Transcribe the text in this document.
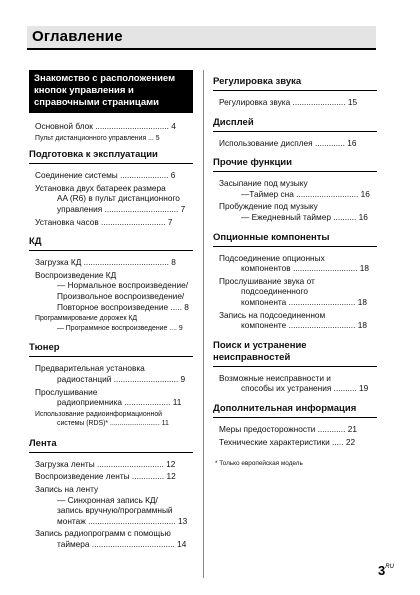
Оглавление
Знакомство с расположением кнопок управления и справочными страницами
Основной блок ................................ 4
Пульт дистанционного управления ... 5
Подготовка к эксплуатации
Соединение системы ..................... 6
Установка двух батареек размера
AA (R6) в пульт дистанционного
управления ................................ 7
Установка часов ............................ 7
КД
Загрузка КД ..................................... 8
Воспроизведение КД
— Нормальное воспроизведение/
Произвольное воспроизведение/
Повторное воспроизведение ..... 8
Программирование дорожек КД
— Программное воспроизведение .... 9
Тюнер
Предварительная установка
радиостанций ............................ 9
Прослушивание
радиоприемника .................... 11
Использование радиоинформационной
системы (RDS)* .......................... 11
Лента
Загрузка ленты ............................. 12
Воспроизведение ленты .............. 12
Запись на ленту
— Синхронная запись КД/
запись вручную/программный
монтаж ...................................... 13
Запись радиопрограмм с помощью
таймера .................................... 14
Регулировка звука
Регулировка звука ....................... 15
Дисплей
Использование дисплея ............. 16
Прочие функции
Засыпание под музыку
—Таймер сна ........................... 16
Пробуждение под музыку
— Ежедневный таймер .......... 16
Опционные компоненты
Подсоединение опционных
компонентов ............................ 18
Прослушивание звука от
подсоединенного
компонента ............................. 18
Запись на подсоединенном
компоненте ............................. 18
Поиск и устранение неисправностей
Возможные неисправности и
способы их устранения .......... 19
Дополнительная информация
Меры предосторожности ............ 21
Технические характеристики ..... 22
* Только европейская модель
$3^{RU}$
